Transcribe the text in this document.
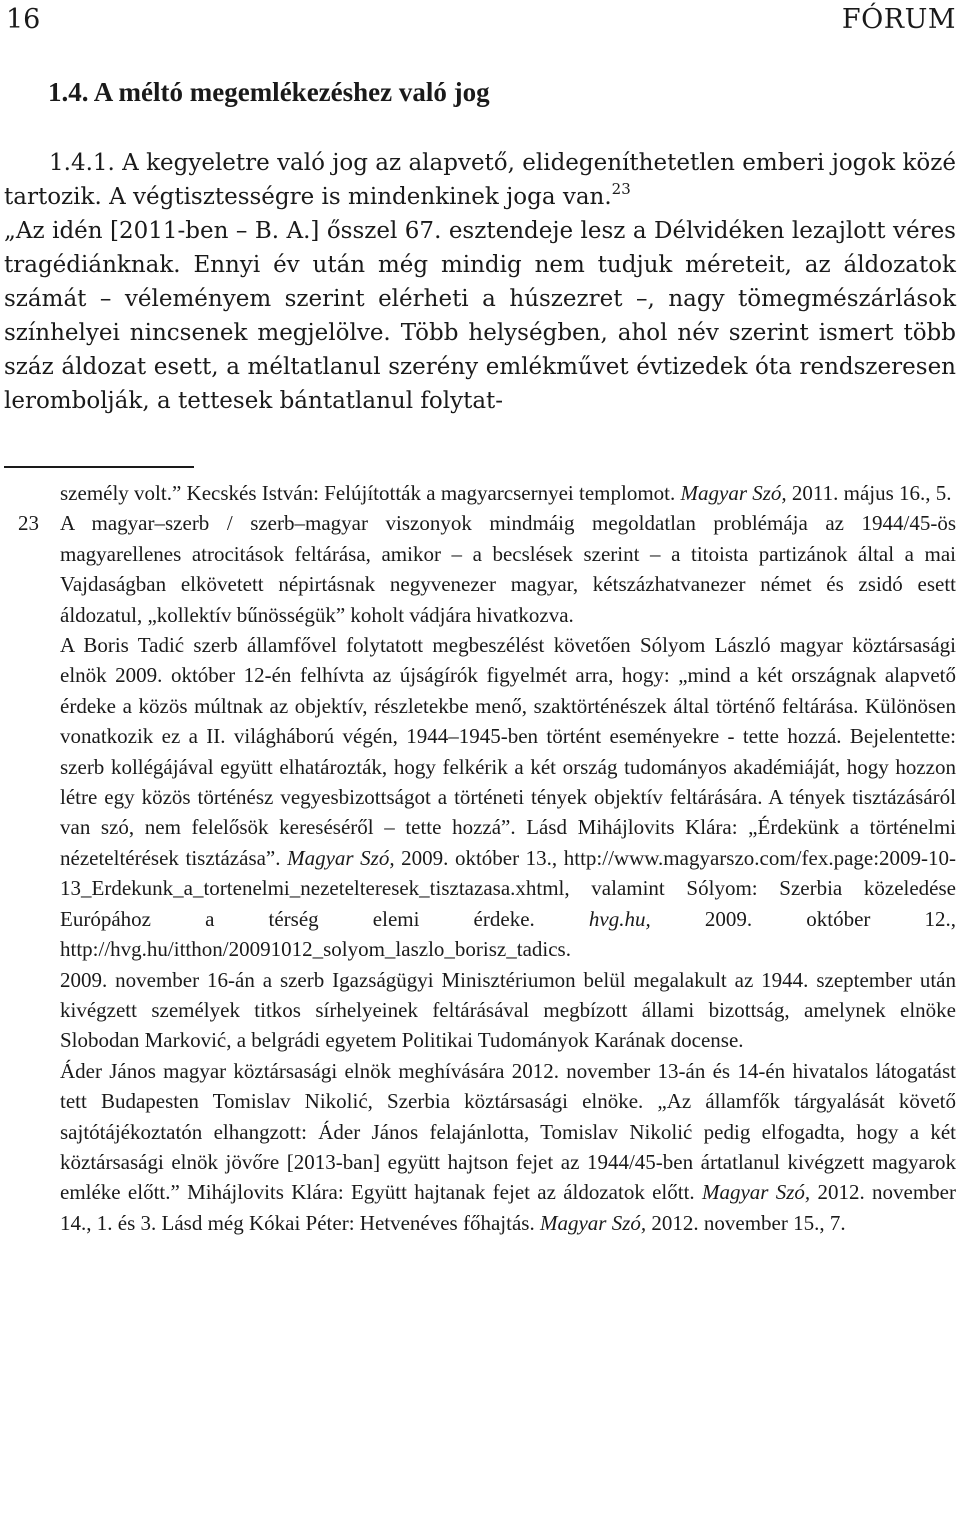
16	FÓRUM
1.4. A méltó megemlékezéshez való jog

1.4.1. A kegyeletre való jog az alapvető, elidegeníthetetlen emberi jogok közé tartozik. A végtisztességre is mindenkinek joga van.$^{23}$

„Az idén [2011-ben – B. A.] ősszel 67. esztendeje lesz a Délvidéken lezajlott véres tragédiánknak. Ennyi év után még mindig nem tudjuk méreteit, az áldozatok számát – véleményem szerint elérheti a húszezret –, nagy tömegmészárlások színhelyei nincsenek megjelölve. Több helységben, ahol név szerint ismert több száz áldozat esett, a méltatlanul szerény emlékművet évtizedek óta rendszeresen lerombolják, a tettesek bántatlanul folytat-

személy volt.” Kecskés István: Felújították a magyarcsernyei templomot. Magyar Szó, 2011. május 16., 5.

23 A magyar–szerb / szerb–magyar viszonyok mindmáig megoldatlan problémája az 1944/45-ös magyarellenes atrocitások feltárása, amikor – a becslések szerint – a titoista partizánok által a mai Vajdaságban elkövetett népirtásnak negyvenezer magyar, kétszázhatvanezer német és zsidó esett áldozatul, „kollektív bűnösségük” koholt vádjára hivatkozva.

A Boris Tadić szerb államfővel folytatott megbeszélést követően Sólyom László magyar köztársasági elnök 2009. október 12-én felhívta az újságírók figyelmét arra, hogy: „mind a két országnak alapvető érdeke a közös múltnak az objektív, részletekbe menő, szaktörténészek által történő feltárása. Különösen vonatkozik ez a II. világháború végén, 1944–1945-ben történt eseményekre - tette hozzá. Bejelentette: szerb kollégájával együtt elhatározták, hogy felkérik a két ország tudományos akadémiáját, hogy hozzon létre egy közös történész vegyesbizottságot a történeti tények objektív feltárására. A tények tisztázásáról van szó, nem felelősök kereséséről – tette hozzá”. Lásd Mihájlovits Klára: „Érdekünk a történelmi nézeteltérések tisztázása”. Magyar Szó, 2009. október 13., http://www.magyarszo.com/fex.page:2009-10-13_Erdekunk_a_tortenelmi_nezetelteresek_tisztazasa.xhtml, valamint Sólyom: Szerbia közeledése Európához a térség elemi érdeke.	hvg.hu,	2009. október 12., http://hvg.hu/itthon/20091012_solyom_laszlo_borisz_tadics.

2009. november 16-án a szerb Igazságügyi Minisztériumon belül megalakult az 1944. szeptember után kivégzett személyek titkos sírhelyeinek feltárásával megbízott állami bizottság, amelynek elnöke Slobodan Marković, a belgrádi egyetem Politikai Tudományok Karának docense.

Áder János magyar köztársasági elnök meghívására 2012. november 13-án és 14-én hivatalos látogatást tett Budapesten Tomislav Nikolić, Szerbia köztársasági elnöke. „Az államfők tárgyalását követő sajtótájékoztatón elhangzott: Áder János felajánlotta, Tomislav Nikolić pedig elfogadta, hogy a két köztársasági elnök jövőre [2013-ban] együtt hajtson fejet az 1944/45-ben ártatlanul kivégzett magyarok emléke előtt.” Mihájlovits Klára: Együtt hajtanak fejet az áldozatok előtt. Magyar Szó, 2012. november 14., 1. és 3. Lásd még Kókai Péter: Hetvenéves főhajtás. Magyar Szó, 2012. november 15., 7.
